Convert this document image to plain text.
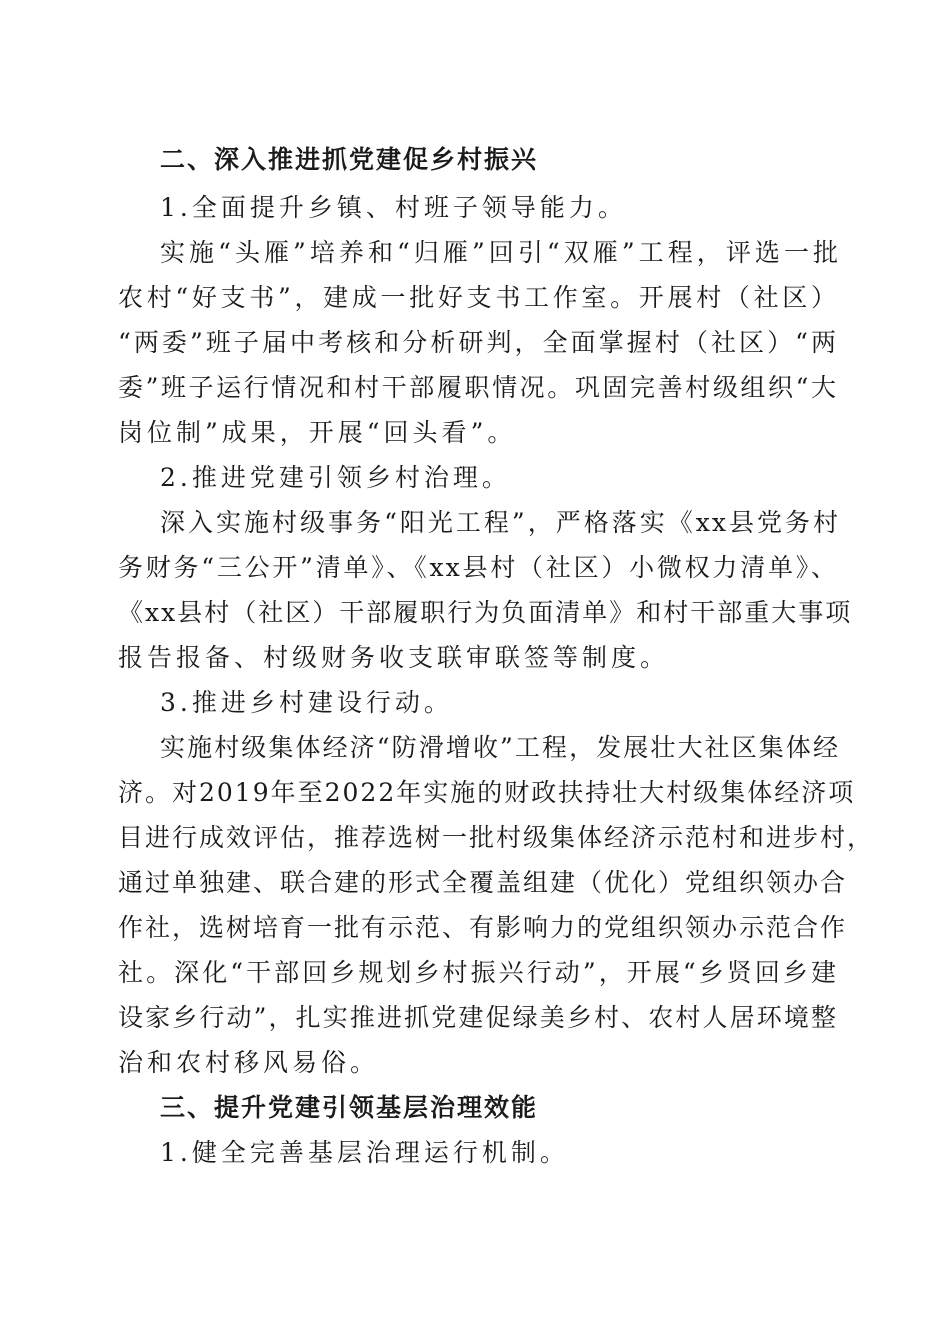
二、深入推进抓党建促乡村振兴
1.全面提升乡镇、村班子领导能力。
实施“头雁”培养和“归雁”回引“双雁”工程，评选一批
农村“好支书”，建成一批好支书工作室。开展村（社区）
“两委”班子届中考核和分析研判，全面掌握村（社区）“两
委”班子运行情况和村干部履职情况。巩固完善村级组织“大
岗位制”成果，开展“回头看”。
2.推进党建引领乡村治理。
深入实施村级事务“阳光工程”，严格落实《xx县党务村
务财务“三公开”清单》、《xx县村（社区）小微权力清单》、
《xx县村（社区）干部履职行为负面清单》和村干部重大事项
报告报备、村级财务收支联审联签等制度。
3.推进乡村建设行动。
实施村级集体经济“防滑增收”工程，发展壮大社区集体经
济。对2019年至2022年实施的财政扶持壮大村级集体经济项
目进行成效评估，推荐选树一批村级集体经济示范村和进步村，
通过单独建、联合建的形式全覆盖组建（优化）党组织领办合
作社，选树培育一批有示范、有影响力的党组织领办示范合作
社。深化“干部回乡规划乡村振兴行动”，开展“乡贤回乡建
设家乡行动”，扎实推进抓党建促绿美乡村、农村人居环境整
治和农村移风易俗。
三、提升党建引领基层治理效能
1.健全完善基层治理运行机制。
